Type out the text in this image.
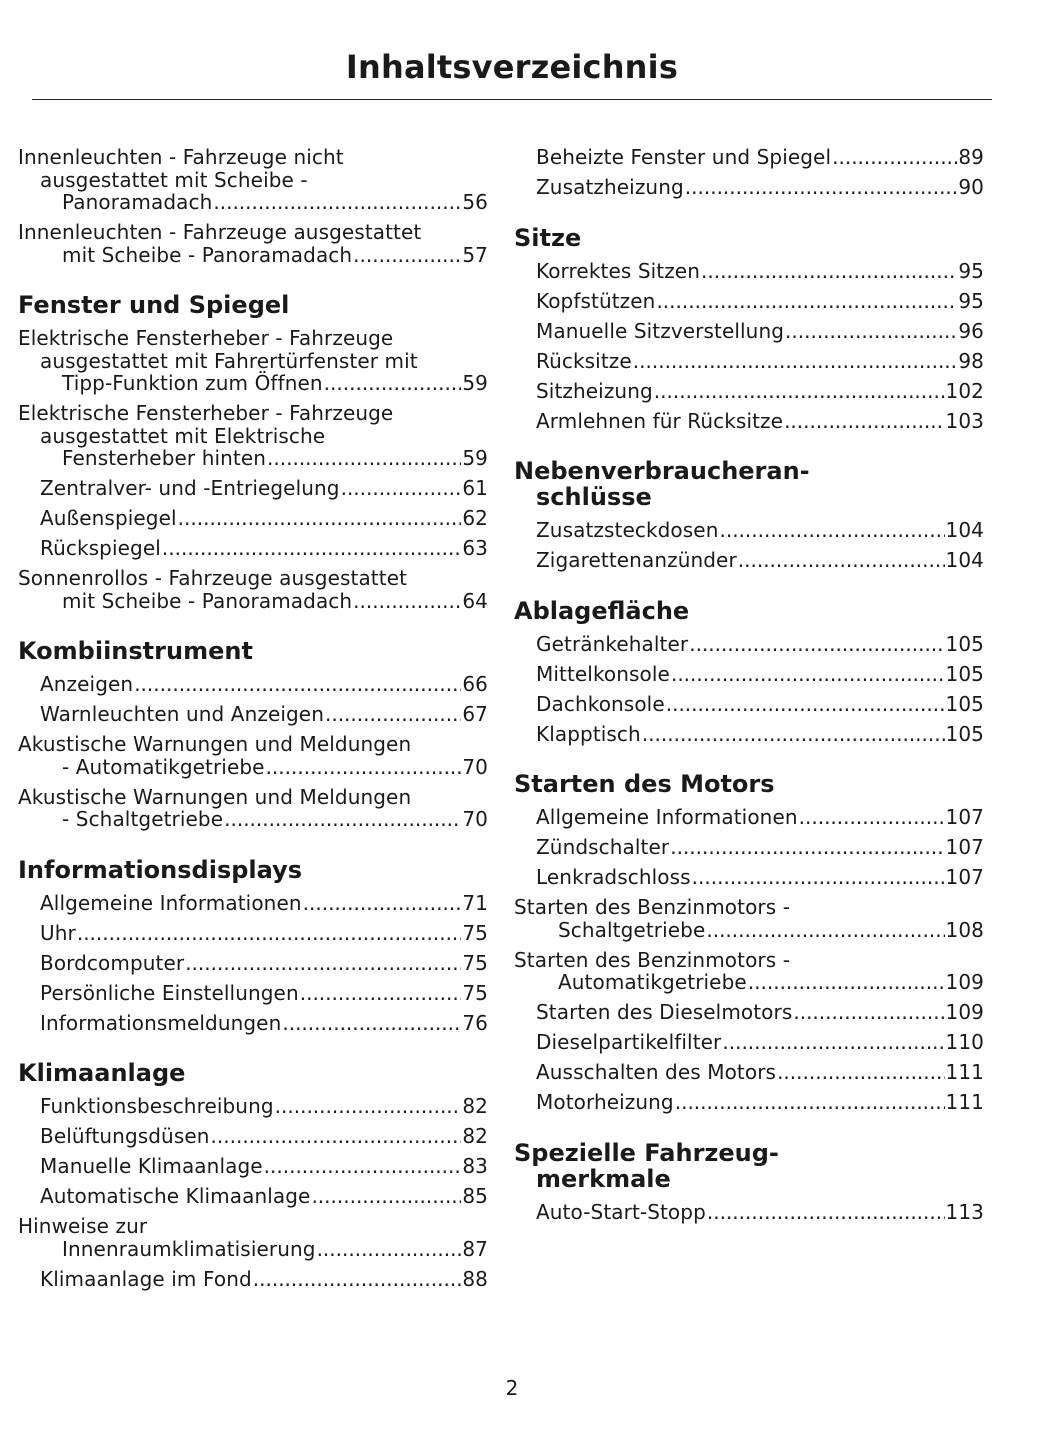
Inhaltsverzeichnis
Innenleuchten - Fahrzeuge nicht
ausgestattet mit Scheibe -
Panoramadach .....	56
Innenleuchten - Fahrzeuge ausgestattet
mit Scheibe - Panoramadach .....	57
Fenster und Spiegel
Elektrische Fensterheber - Fahrzeuge
ausgestattet mit Fahrertürfenster mit
Tipp-Funktion zum Öffnen .....	59
Elektrische Fensterheber - Fahrzeuge
ausgestattet mit Elektrische
Fensterheber hinten .....	59
Zentralver- und -Entriegelung .....	61
Außenspiegel .....	62
Rückspiegel .....	63
Sonnenrollos - Fahrzeuge ausgestattet
mit Scheibe - Panoramadach .....	64
Kombiinstrument
Anzeigen .....	66
Warnleuchten und Anzeigen .....	67
Akustische Warnungen und Meldungen
- Automatikgetriebe .....	70
Akustische Warnungen und Meldungen
- Schaltgetriebe .....	70
Informationsdisplays
Allgemeine Informationen .....	71
Uhr .....	75
Bordcomputer .....	75
Persönliche Einstellungen .....	75
Informationsmeldungen .....	76
Klimaanlage
Funktionsbeschreibung .....	82
Belüftungsdüsen .....	82
Manuelle Klimaanlage .....	83
Automatische Klimaanlage .....	85
Hinweise zur
Innenraumklimatisierung .....	87
Klimaanlage im Fond .....	88
Beheizte Fenster und Spiegel .....	89
Zusatzheizung .....	90
Sitze
Korrektes Sitzen .....	95
Kopfstützen .....	95
Manuelle Sitzverstellung .....	96
Rücksitze .....	98
Sitzheizung .....	102
Armlehnen für Rücksitze .....	103
Nebenverbraucheran-
schlüsse
Zusatzsteckdosen .....	104
Zigarettenanzünder .....	104
Ablagefläche
Getränkehalter .....	105
Mittelkonsole .....	105
Dachkonsole .....	105
Klapptisch .....	105
Starten des Motors
Allgemeine Informationen .....	107
Zündschalter .....	107
Lenkradschloss .....	107
Starten des Benzinmotors -
Schaltgetriebe .....	108
Starten des Benzinmotors -
Automatikgetriebe .....	109
Starten des Dieselmotors .....	109
Dieselpartikelfilter .....	110
Ausschalten des Motors .....	111
Motorheizung .....	111
Spezielle Fahrzeug-
merkmale
Auto-Start-Stopp .....	113
2
